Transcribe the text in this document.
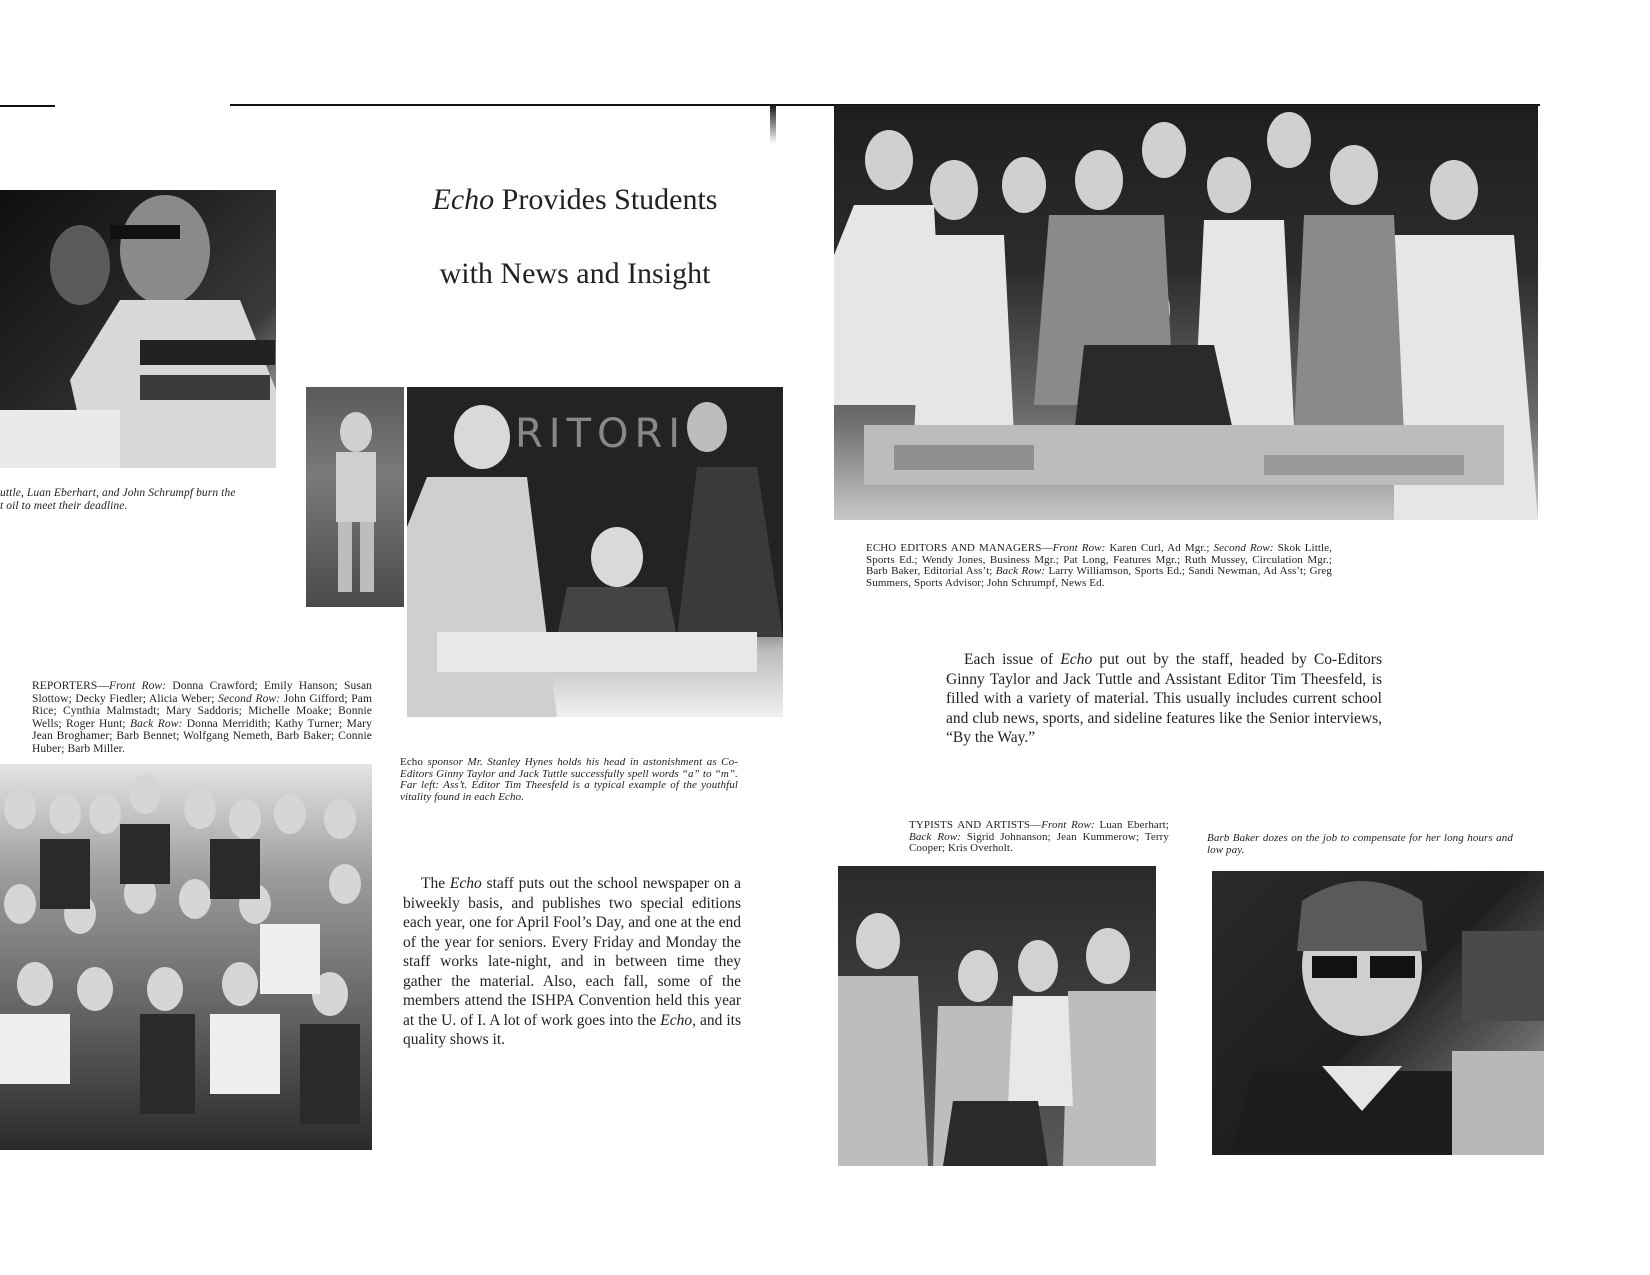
uttle, Luan Eberhart, and John Schrumpf burn the
t oil to meet their deadline.
Echo Provides Students
with News and Insight
RITORI
Echo sponsor Mr. Stanley Hynes holds his head in astonishment as Co-Editors Ginny Taylor and Jack Tuttle successfully spell words “a” to “m”. Far left: Ass’t. Editor Tim Theesfeld is a typical example of the youthful vitality found in each Echo.
REPORTERS—Front Row: Donna Crawford; Emily Hanson; Susan Slottow; Decky Fiedler; Alicia Weber; Second Row: John Gifford; Pam Rice; Cynthia Malmstadt; Mary Saddoris; Michelle Moake; Bonnie Wells; Roger Hunt; Back Row: Donna Merridith; Kathy Turner; Mary Jean Broghamer; Barb Bennet; Wolfgang Nemeth, Barb Baker; Connie Huber; Barb Miller.
The Echo staff puts out the school newspaper on a biweekly basis, and publishes two special editions each year, one for April Fool’s Day, and one at the end of the year for seniors. Every Friday and Monday the staff works late-night, and in between time they gather the material. Also, each fall, some of the members attend the ISHPA Convention held this year at the U. of I. A lot of work goes into the Echo, and its quality shows it.
ECHO EDITORS AND MANAGERS—Front Row: Karen Curl, Ad Mgr.; Second Row: Skok Little, Sports Ed.; Wendy Jones, Business Mgr.; Pat Long, Features Mgr.; Ruth Mussey, Circulation Mgr.; Barb Baker, Editorial Ass’t; Back Row: Larry Williamson, Sports Ed.; Sandi Newman, Ad Ass’t; Greg Summers, Sports Advisor; John Schrumpf, News Ed.
Each issue of Echo put out by the staff, headed by Co-Editors Ginny Taylor and Jack Tuttle and Assistant Editor Tim Theesfeld, is filled with a variety of material. This usually includes current school and club news, sports, and sideline features like the Senior interviews, “By the Way.”
TYPISTS AND ARTISTS—Front Row: Luan Eberhart; Back Row: Sigrid Johnanson; Jean Kummerow; Terry Cooper; Kris Overholt.
Barb Baker dozes on the job to compensate for her long hours and low pay.
